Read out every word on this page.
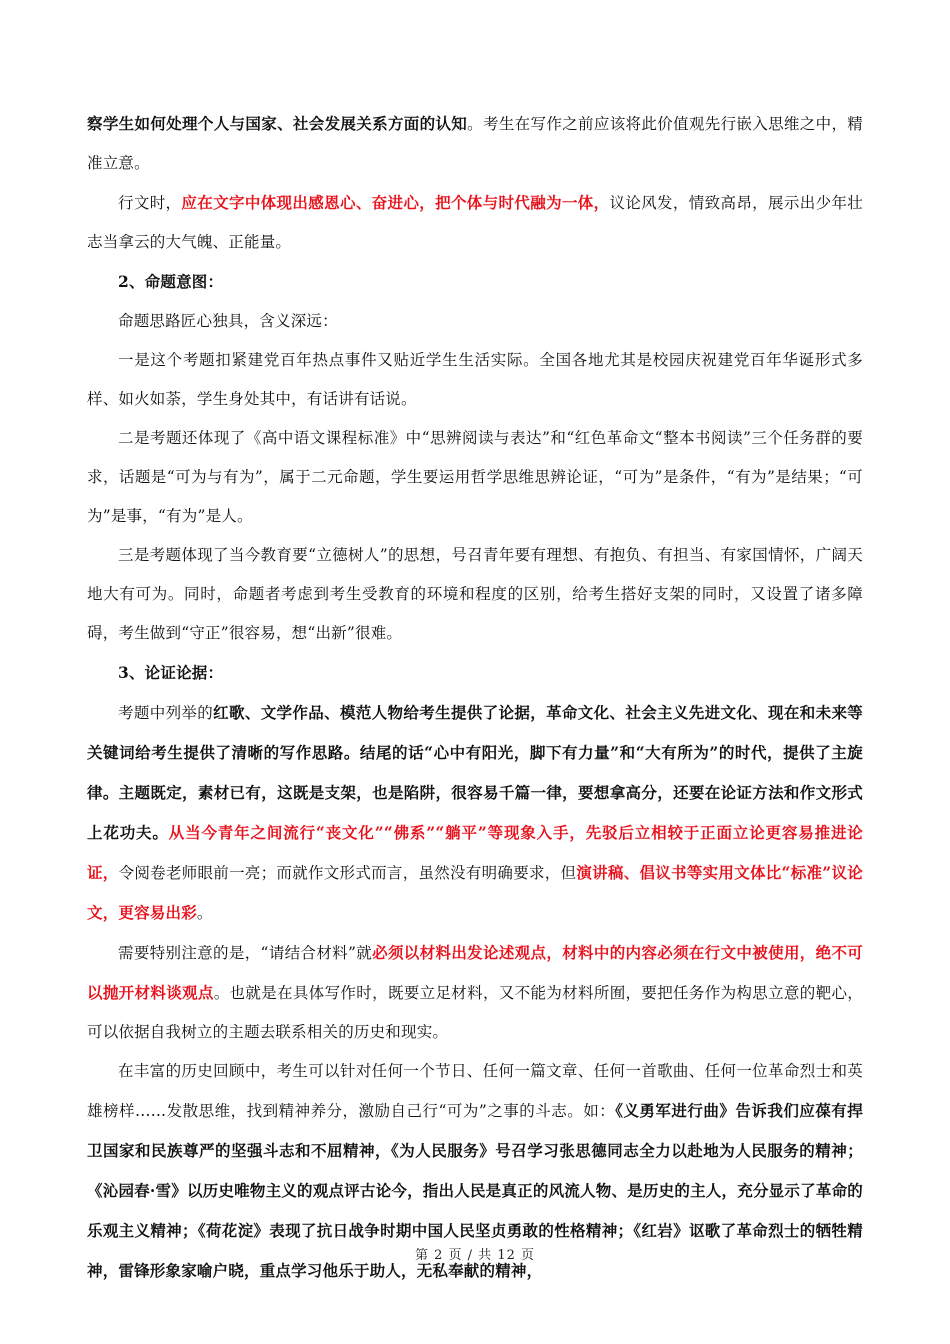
察学生如何处理个人与国家、社会发展关系方面的认知。考生在写作之前应该将此价值观先行嵌入思维之中，精准立意。

行文时，应在文字中体现出感恩心、奋进心，把个体与时代融为一体，议论风发，情致高昂，展示出少年壮志当拿云的大气魄、正能量。

2、命题意图：

命题思路匠心独具，含义深远：

一是这个考题扣紧建党百年热点事件又贴近学生生活实际。全国各地尤其是校园庆祝建党百年华诞形式多样、如火如荼，学生身处其中，有话讲有话说。

二是考题还体现了《高中语文课程标准》中“思辨阅读与表达”和“红色革命文“整本书阅读”三个任务群的要求，话题是“可为与有为”，属于二元命题，学生要运用哲学思维思辨论证，“可为”是条件，“有为”是结果；“可为”是事，“有为”是人。

三是考题体现了当今教育要“立德树人”的思想，号召青年要有理想、有抱负、有担当、有家国情怀，广阔天地大有可为。同时，命题者考虑到考生受教育的环境和程度的区别，给考生搭好支架的同时，又设置了诸多障碍，考生做到“守正”很容易，想“出新”很难。

3、论证论据：

考题中列举的红歌、文学作品、模范人物给考生提供了论据，革命文化、社会主义先进文化、现在和未来等关键词给考生提供了清晰的写作思路。结尾的话“心中有阳光，脚下有力量”和“大有所为”的时代，提供了主旋律。主题既定，素材已有，这既是支架，也是陷阱，很容易千篇一律，要想拿高分，还要在论证方法和作文形式上花功夫。从当今青年之间流行“丧文化”“佛系”“躺平”等现象入手，先驳后立相较于正面立论更容易推进论证，令阅卷老师眼前一亮；而就作文形式而言，虽然没有明确要求，但演讲稿、倡议书等实用文体比“标准”议论文，更容易出彩。

需要特别注意的是，“请结合材料”就必须以材料出发论述观点，材料中的内容必须在行文中被使用，绝不可以抛开材料谈观点。也就是在具体写作时，既要立足材料，又不能为材料所囿，要把任务作为构思立意的靶心，可以依据自我树立的主题去联系相关的历史和现实。

在丰富的历史回顾中，考生可以针对任何一个节日、任何一篇文章、任何一首歌曲、任何一位革命烈士和英雄榜样……发散思维，找到精神养分，激励自己行“可为”之事的斗志。如：《义勇军进行曲》告诉我们应葆有捍卫国家和民族尊严的坚强斗志和不屈精神，《为人民服务》号召学习张思德同志全力以赴地为人民服务的精神；《沁园春·雪》以历史唯物主义的观点评古论今，指出人民是真正的风流人物、是历史的主人，充分显示了革命的乐观主义精神；《荷花淀》表现了抗日战争时期中国人民坚贞勇敢的性格精神；《红岩》讴歌了革命烈士的牺牲精神，雷锋形象家喻户晓，重点学习他乐于助人，无私奉献的精神，

第 2 页 / 共 12 页
